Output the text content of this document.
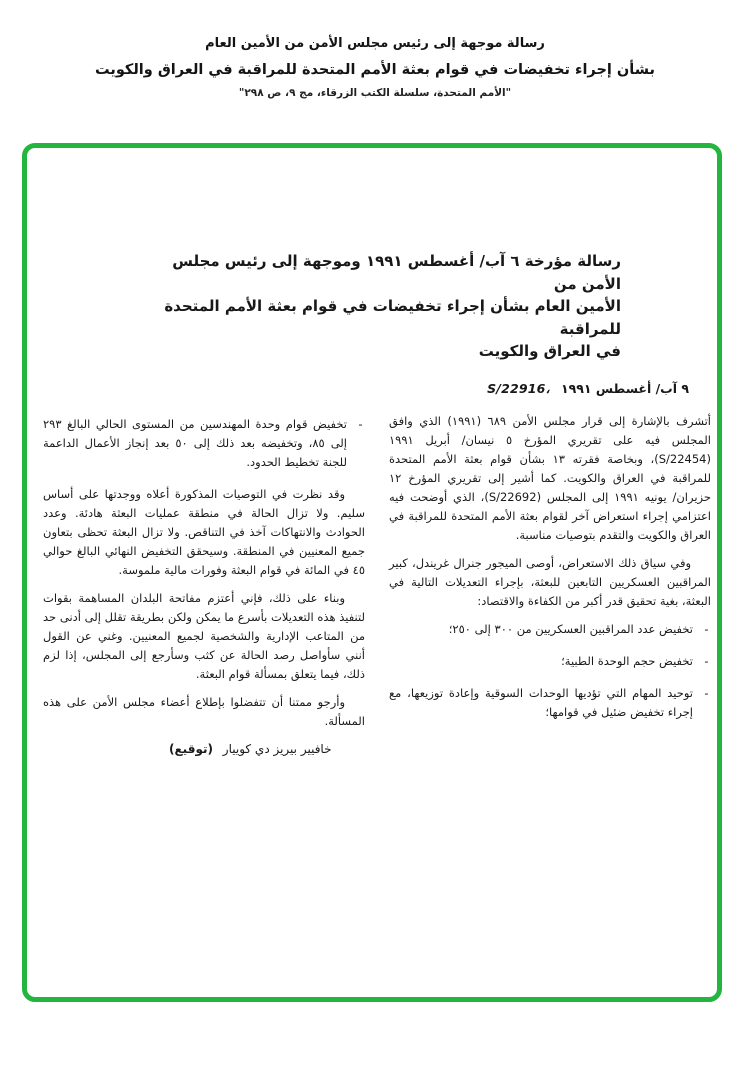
رسالة موجهة إلى رئيس مجلس الأمن من الأمين العام
بشأن إجراء تخفيضات في قوام بعثة الأمم المتحدة للمراقبة في العراق والكويت
"الأمم المتحدة، سلسلة الكتب الزرقاء، مج ٩، ص ٢٩٨"
رسالة مؤرخة ٦ آب/ أغسطس ١٩٩١ وموجهة إلى رئيس مجلس الأمن من
الأمين العام بشأن إجراء تخفيضات في قوام بعثة الأمم المتحدة للمراقبة
في العراق والكويت
S/22916، ٩ آب/ أغسطس ١٩٩١

أتشرف بالإشارة إلى قرار مجلس الأمن ٦٨٩ (١٩٩١) الذي وافق المجلس فيه على تقريري المؤرخ ٥ نيسان/ أبريل ١٩٩١ (S/22454)، وبخاصة فقرته ١٣ بشأن قوام بعثة الأمم المتحدة للمراقبة في العراق والكويت. كما أشير إلى تقريري المؤرخ ١٢ حزيران/ يونيه ١٩٩١ إلى المجلس (S/22692)، الذي أوضحت فيه اعتزامي إجراء استعراض آخر لقوام بعثة الأمم المتحدة للمراقبة في العراق والكويت والتقدم بتوصيات مناسبة.

وفي سياق ذلك الاستعراض، أوصى الميجور جنرال غريندل، كبير المراقبين العسكريين التابعين للبعثة، بإجراء التعديلات التالية في البعثة، بغية تحقيق قدر أكبر من الكفاءة والاقتصاد:

-
تخفيض عدد المراقبين العسكريين من ٣٠٠ إلى ٢٥٠؛
-
تخفيض حجم الوحدة الطبية؛
-
توحيد المهام التي تؤديها الوحدات السوقية وإعادة توزيعها، مع إجراء تخفيض ضئيل في قوامها؛
-
تخفيض قوام وحدة المهندسين من المستوى الحالي البالغ ٢٩٣ إلى ٨٥، وتخفيضه بعد ذلك إلى ٥٠ بعد إنجاز الأعمال الداعمة للجنة تخطيط الحدود.

وقد نظرت في التوصيات المذكورة أعلاه ووجدتها على أساس سليم. ولا تزال الحالة في منطقة عمليات البعثة هادئة. وعدد الحوادث والانتهاكات آخذ في التناقص. ولا تزال البعثة تحظى بتعاون جميع المعنيين في المنطقة. وسيحقق التخفيض النهائي البالغ حوالي ٤٥ في المائة في قوام البعثة وفورات مالية ملموسة.

وبناء على ذلك، فإني أعتزم مفاتحة البلدان المساهمة بقوات لتنفيذ هذه التعديلات بأسرع ما يمكن ولكن بطريقة تقلل إلى أدنى حد من المتاعب الإدارية والشخصية لجميع المعنيين. وغني عن القول أنني سأواصل رصد الحالة عن كثب وسأرجع إلى المجلس، إذا لزم ذلك، فيما يتعلق بمسألة قوام البعثة.

وأرجو ممتنا أن تتفضلوا بإطلاع أعضاء مجلس الأمن على هذه المسألة.

(توقيع) خافيير بيريز دي كوييار
